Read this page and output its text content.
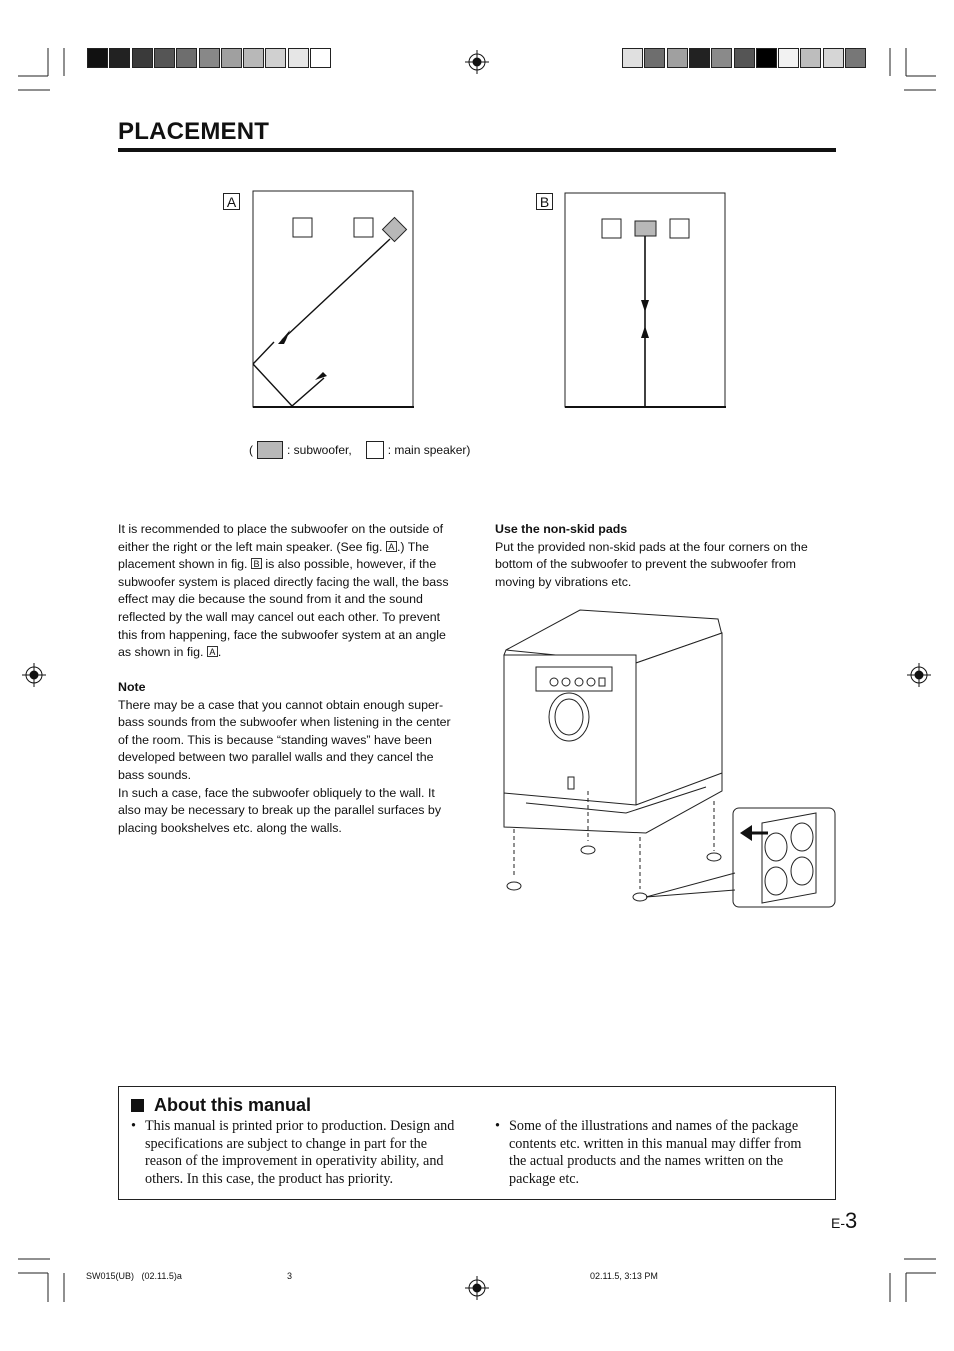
PLACEMENT
A	B
(	: subwoofer,	: main speaker)
It is recommended to place the subwoofer on the outside of either the right or the left main speaker. (See fig. A .) The placement shown in fig. B is also possible, however, if the subwoofer system is placed directly facing the wall, the bass effect may die because the sound from it and the sound reflected by the wall may cancel out each other. To prevent this from happening, face the subwoofer system at an angle as shown in fig. A .
Note
There may be a case that you cannot obtain enough super-bass sounds from the subwoofer when listening in the center of the room. This is because “standing waves” have been developed between two parallel walls and they cancel the bass sounds.
In such a case, face the subwoofer obliquely to the wall. It also may be necessary to break up the parallel surfaces by placing bookshelves etc. along the walls.
Use the non-skid pads
Put the provided non-skid pads at the four corners on the bottom of the subwoofer to prevent the subwoofer from moving by vibrations etc.
About this manual
• This manual is printed prior to production. Design and specifications are subject to change in part for the reason of the improvement in operativity ability, and others. In this case, the product has priority.
• Some of the illustrations and names of the package contents etc. written in this manual may differ from the actual products and the names written on the package etc.
E-3
SW015(UB)   (02.11.5)a	3	02.11.5, 3:13 PM
